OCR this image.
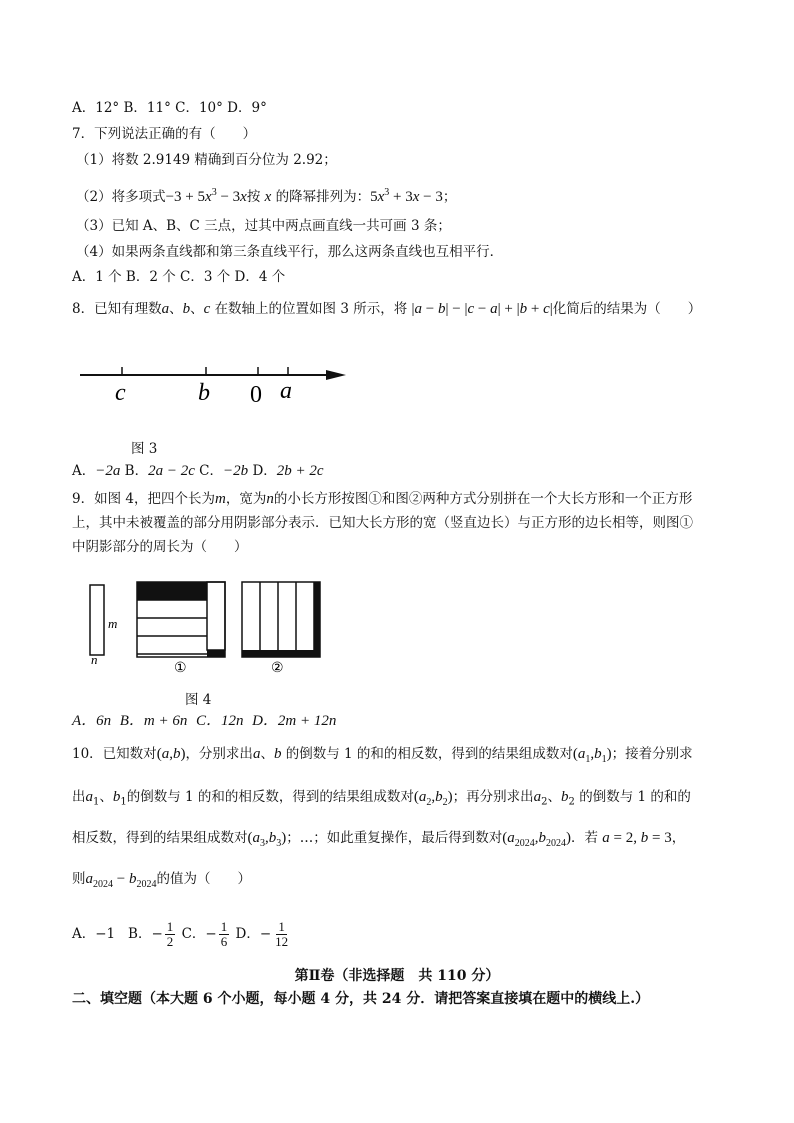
A．12° B．11° C．10° D．9°
7．下列说法正确的有（　　）
（1）将数 2.9149 精确到百分位为 2.92；
（2）将多项式$-3 + 5x^3 - 3x$按 x 的降幂排列为：$5x^3 + 3x - 3$；
（3）已知 A、B、C 三点，过其中两点画直线一共可画 3 条；
（4）如果两条直线都和第三条直线平行，那么这两条直线也互相平行．
A．1 个 B．2 个 C．3 个 D．4 个
8．已知有理数a、b、c 在数轴上的位置如图 3 所示，将 |a − b| − |c − a| + |b + c|化简后的结果为（　　）
c	b 0 a
图 3
A．−2a B．2a − 2c C．−2b D．2b + 2c
9．如图 4，把四个长为m，宽为n的小长方形按图①和图②两种方式分别拼在一个大长方形和一个正方形
上，其中未被覆盖的部分用阴影部分表示．已知大长方形的宽（竖直边长）与正方形的边长相等，则图①
中阴影部分的周长为（　　）
m
n
①	②
图 4
A．6n B．m + 6n C．12n D．2m + 12n
10．已知数对(a,b)，分别求出a、b 的倒数与 1 的和的相反数，得到的结果组成数对$(a_1,b_1)$；接着分别求
出$a_1$、$b_1$的倒数与 1 的和的相反数，得到的结果组成数对$(a_2,b_2)$；再分别求出$a_2$、$b_2$ 的倒数与 1 的和的
相反数，得到的结果组成数对$(a_3,b_3)$；…；如此重复操作，最后得到数对$(a_{2024},b_{2024})$．若 a = 2, b = 3，
则$a_{2024} - b_{2024}$的值为（　　）
A．−1 B．− $\frac{1}{2}$ C．− $\frac{1}{6}$ D．− $\frac{1}{12}$
第Ⅱ卷（非选择题　共 110 分）
二、填空题（本大题 6 个小题，每小题 4 分，共 24 分．请把答案直接填在题中的横线上.）
